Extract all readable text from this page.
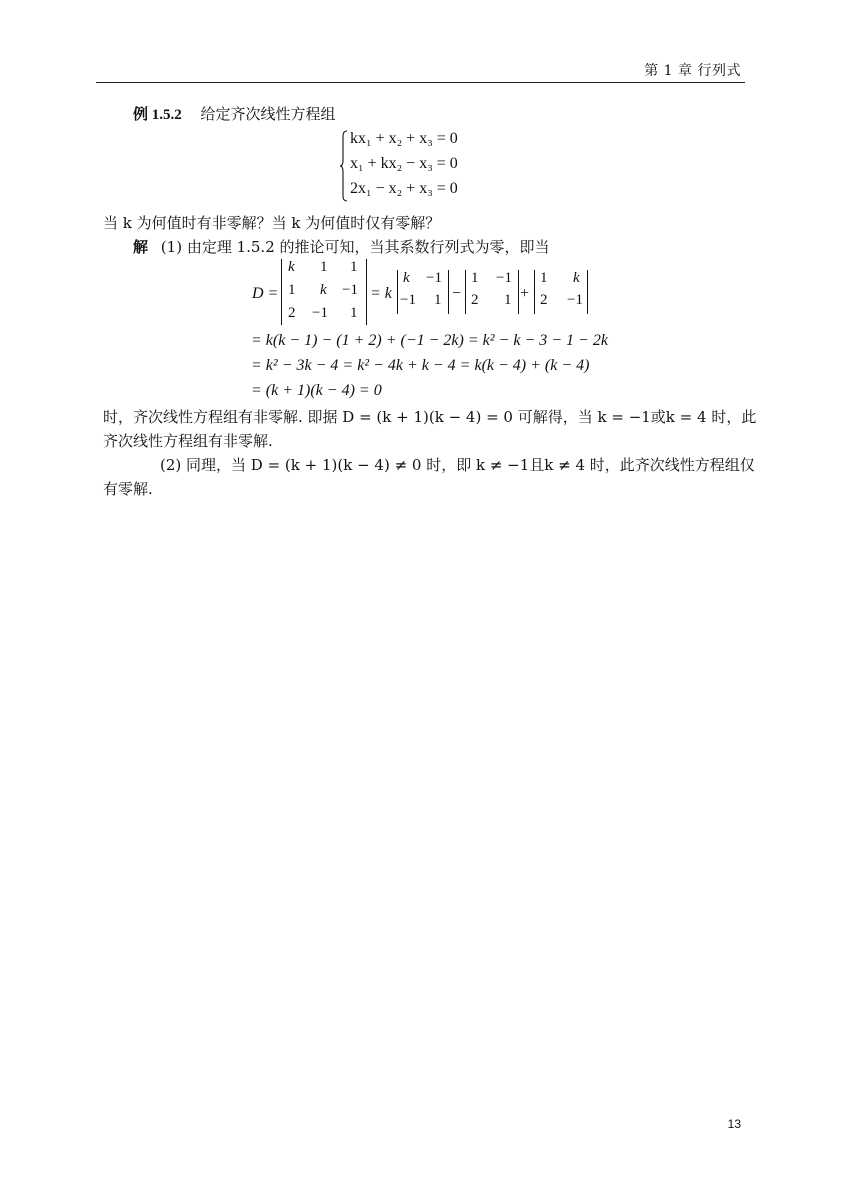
第 1 章 行列式
例 1.5.2 给定齐次线性方程组
kx₁ + x₂ + x₃ = 0
x₁ + kx₂ − x₃ = 0
2x₁ − x₂ + x₃ = 0
当 k 为何值时有非零解？当 k 为何值时仅有零解？
解 (1) 由定理 1.5.2 的推论可知，当其系数行列式为零，即当
D =
k 1 1
1 k −1
2 −1 1
= k
k −1
−1 1 −
1 −1
2 1 +
1 k
2 −1
= k(k − 1) − (1 + 2) + (−1 − 2k) = k² − k − 3 − 1 − 2k
= k² − 3k − 4 = k² − 4k + k − 4 = k(k − 4) + (k − 4)
= (k + 1)(k − 4) = 0
时，齐次线性方程组有非零解. 即据 D = (k + 1)(k − 4) = 0 可解得，当 k = −1或k = 4 时，此
齐次线性方程组有非零解.
(2) 同理，当 D = (k + 1)(k − 4) ≠ 0 时，即 k ≠ −1且k ≠ 4 时，此齐次线性方程组仅
有零解.
13
